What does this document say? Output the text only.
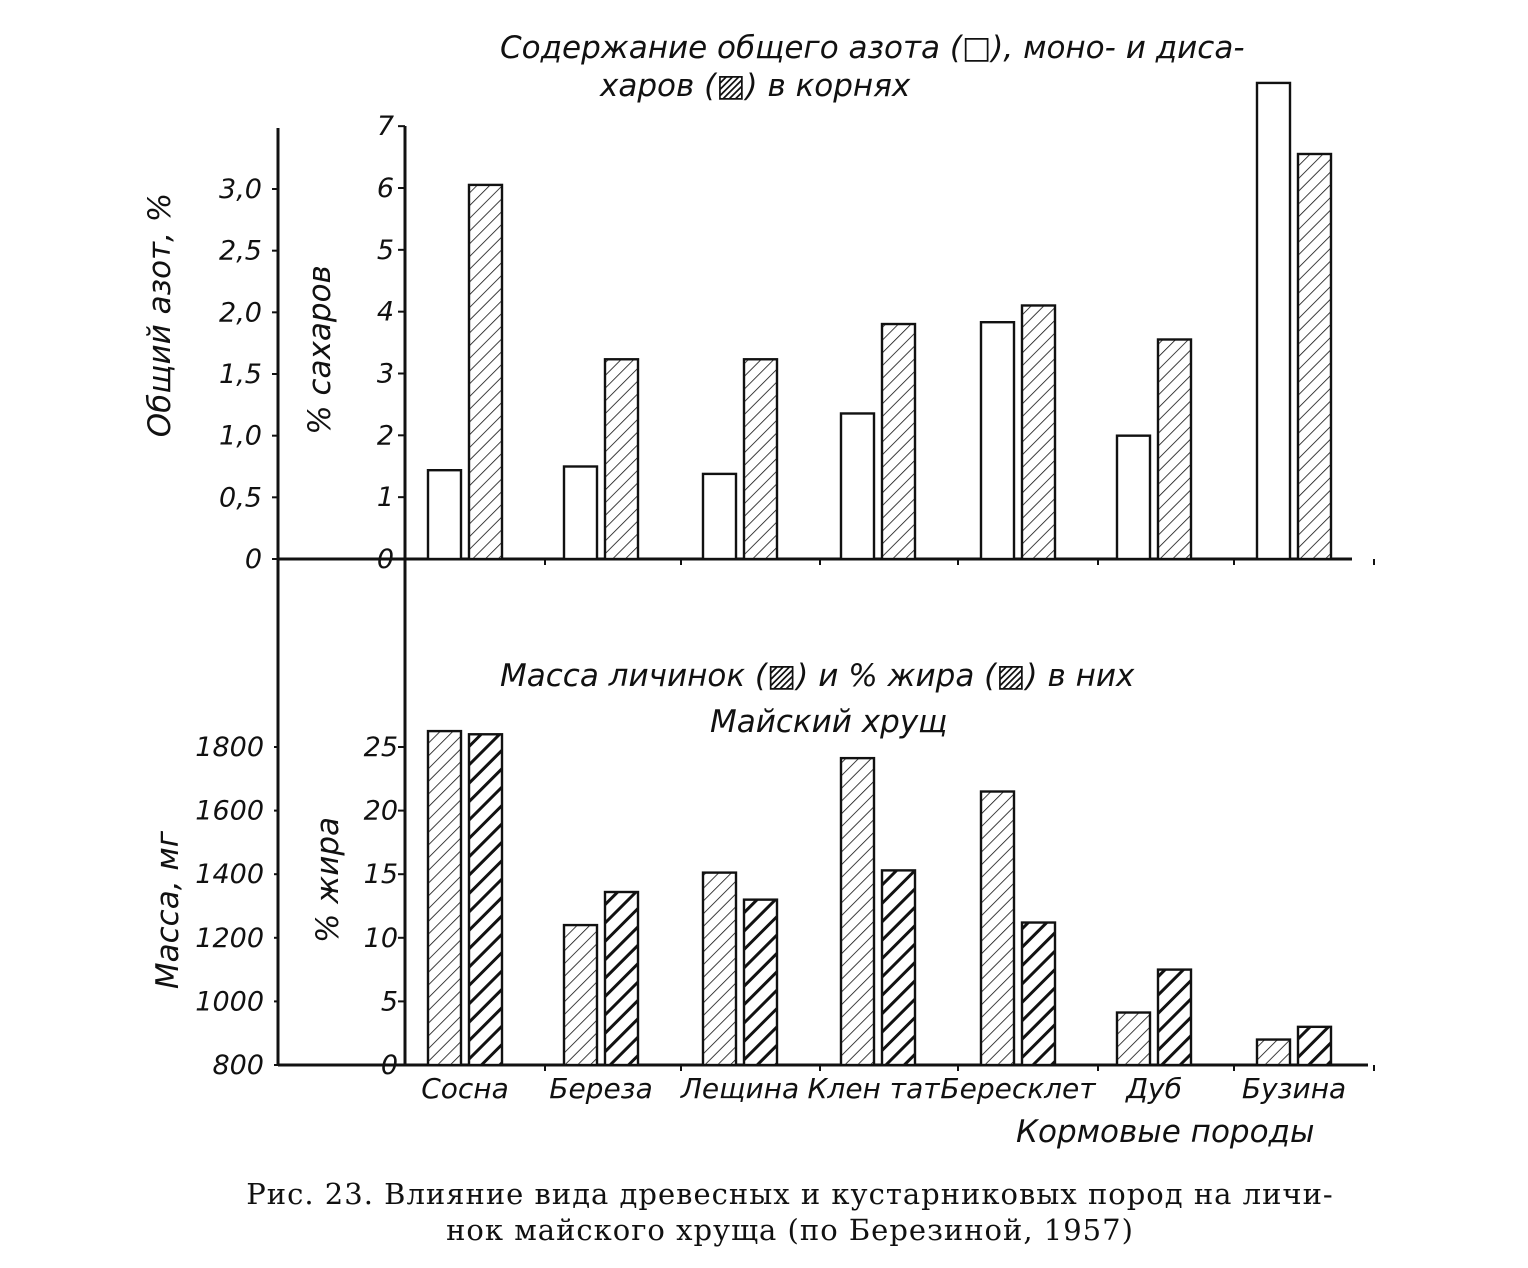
Содержание общего азота (□), моно- и диса-
харов (▨) в корнях
Общий азот, %	% сахаров
Масса личинок (▨) и % жира (▨) в них
Майский хрущ
Масса, мг	% жира
Кормовые породы
0
0,5
1,0
1,5
2,0
2,5
3,0
0
1
2
3
4
5
6
7
800
1000
1200
1400
1600
1800
0
5
10
15
20
25
Сосна Береза Лещина Клен тат.
Бересклет Дуб Бузина
Рис. 23. Влияние вида древесных и кустарниковых пород на личи-
нок майского хруща (по Березиной, 1957)
